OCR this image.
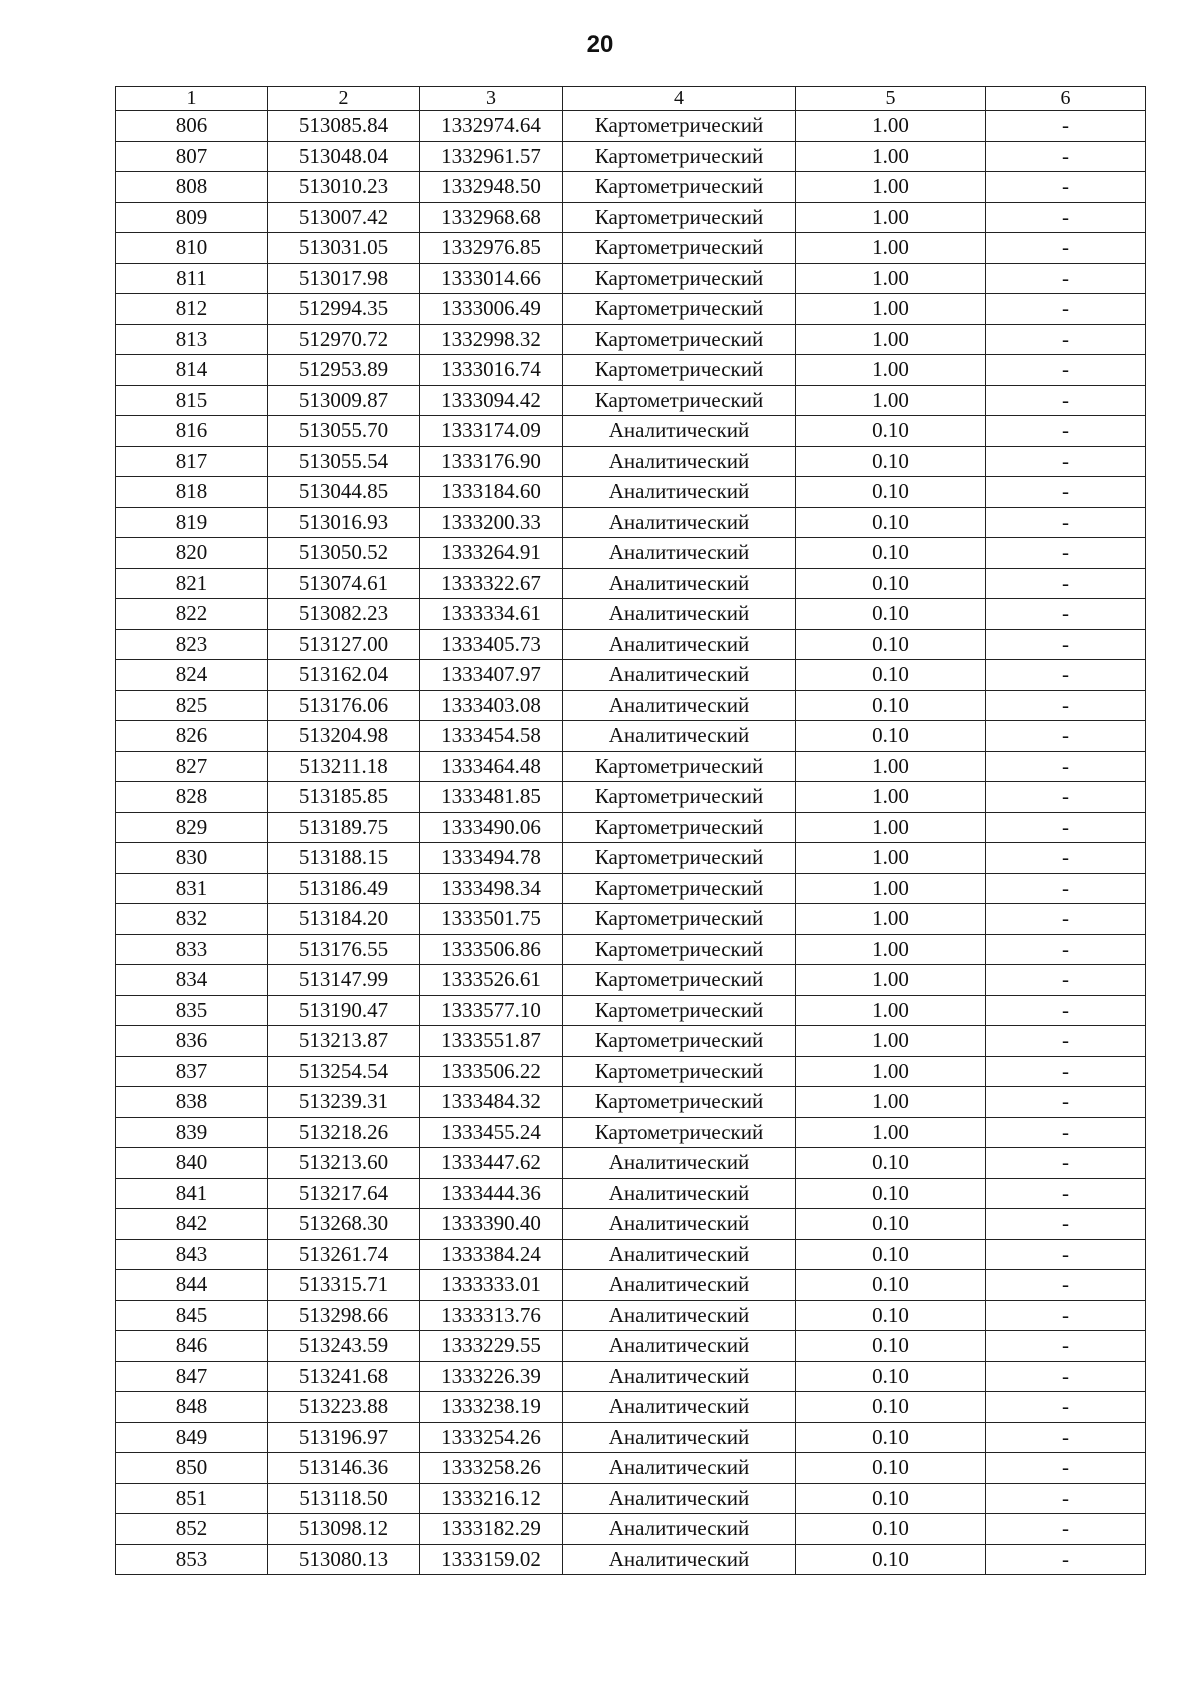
20
1	2	3	4	5	6
806	513085.84	1332974.64	Картометрический	1.00	-
807	513048.04	1332961.57	Картометрический	1.00	-
808	513010.23	1332948.50	Картометрический	1.00	-
809	513007.42	1332968.68	Картометрический	1.00	-
810	513031.05	1332976.85	Картометрический	1.00	-
811	513017.98	1333014.66	Картометрический	1.00	-
812	512994.35	1333006.49	Картометрический	1.00	-
813	512970.72	1332998.32	Картометрический	1.00	-
814	512953.89	1333016.74	Картометрический	1.00	-
815	513009.87	1333094.42	Картометрический	1.00	-
816	513055.70	1333174.09	Аналитический	0.10	-
817	513055.54	1333176.90	Аналитический	0.10	-
818	513044.85	1333184.60	Аналитический	0.10	-
819	513016.93	1333200.33	Аналитический	0.10	-
820	513050.52	1333264.91	Аналитический	0.10	-
821	513074.61	1333322.67	Аналитический	0.10	-
822	513082.23	1333334.61	Аналитический	0.10	-
823	513127.00	1333405.73	Аналитический	0.10	-
824	513162.04	1333407.97	Аналитический	0.10	-
825	513176.06	1333403.08	Аналитический	0.10	-
826	513204.98	1333454.58	Аналитический	0.10	-
827	513211.18	1333464.48	Картометрический	1.00	-
828	513185.85	1333481.85	Картометрический	1.00	-
829	513189.75	1333490.06	Картометрический	1.00	-
830	513188.15	1333494.78	Картометрический	1.00	-
831	513186.49	1333498.34	Картометрический	1.00	-
832	513184.20	1333501.75	Картометрический	1.00	-
833	513176.55	1333506.86	Картометрический	1.00	-
834	513147.99	1333526.61	Картометрический	1.00	-
835	513190.47	1333577.10	Картометрический	1.00	-
836	513213.87	1333551.87	Картометрический	1.00	-
837	513254.54	1333506.22	Картометрический	1.00	-
838	513239.31	1333484.32	Картометрический	1.00	-
839	513218.26	1333455.24	Картометрический	1.00	-
840	513213.60	1333447.62	Аналитический	0.10	-
841	513217.64	1333444.36	Аналитический	0.10	-
842	513268.30	1333390.40	Аналитический	0.10	-
843	513261.74	1333384.24	Аналитический	0.10	-
844	513315.71	1333333.01	Аналитический	0.10	-
845	513298.66	1333313.76	Аналитический	0.10	-
846	513243.59	1333229.55	Аналитический	0.10	-
847	513241.68	1333226.39	Аналитический	0.10	-
848	513223.88	1333238.19	Аналитический	0.10	-
849	513196.97	1333254.26	Аналитический	0.10	-
850	513146.36	1333258.26	Аналитический	0.10	-
851	513118.50	1333216.12	Аналитический	0.10	-
852	513098.12	1333182.29	Аналитический	0.10	-
853	513080.13	1333159.02	Аналитический	0.10	-
